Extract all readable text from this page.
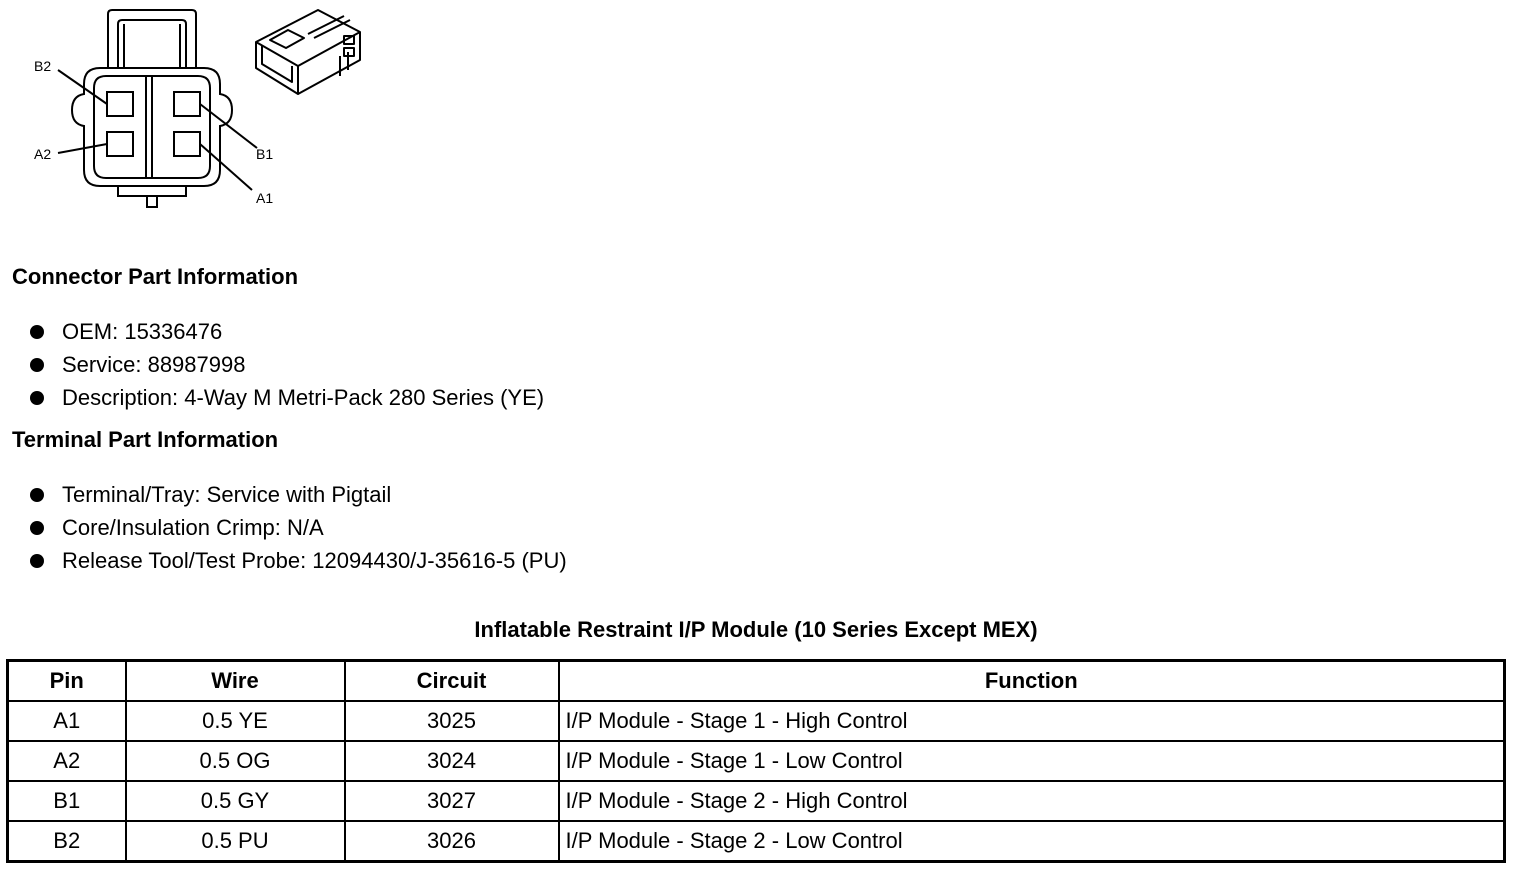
B2
A2	B1
A1
Connector Part Information
OEM: 15336476
Service: 88987998
Description: 4-Way M Metri-Pack 280 Series (YE)
Terminal Part Information
Terminal/Tray: Service with Pigtail
Core/Insulation Crimp: N/A
Release Tool/Test Probe: 12094430/J-35616-5 (PU)
Inflatable Restraint I/P Module (10 Series Except MEX)
Pin	Wire	Circuit	Function
A1	0.5 YE	3025	I/P Module - Stage 1 - High Control
A2	0.5 OG	3024	I/P Module - Stage 1 - Low Control
B1	0.5 GY	3027	I/P Module - Stage 2 - High Control
B2	0.5 PU	3026	I/P Module - Stage 2 - Low Control
